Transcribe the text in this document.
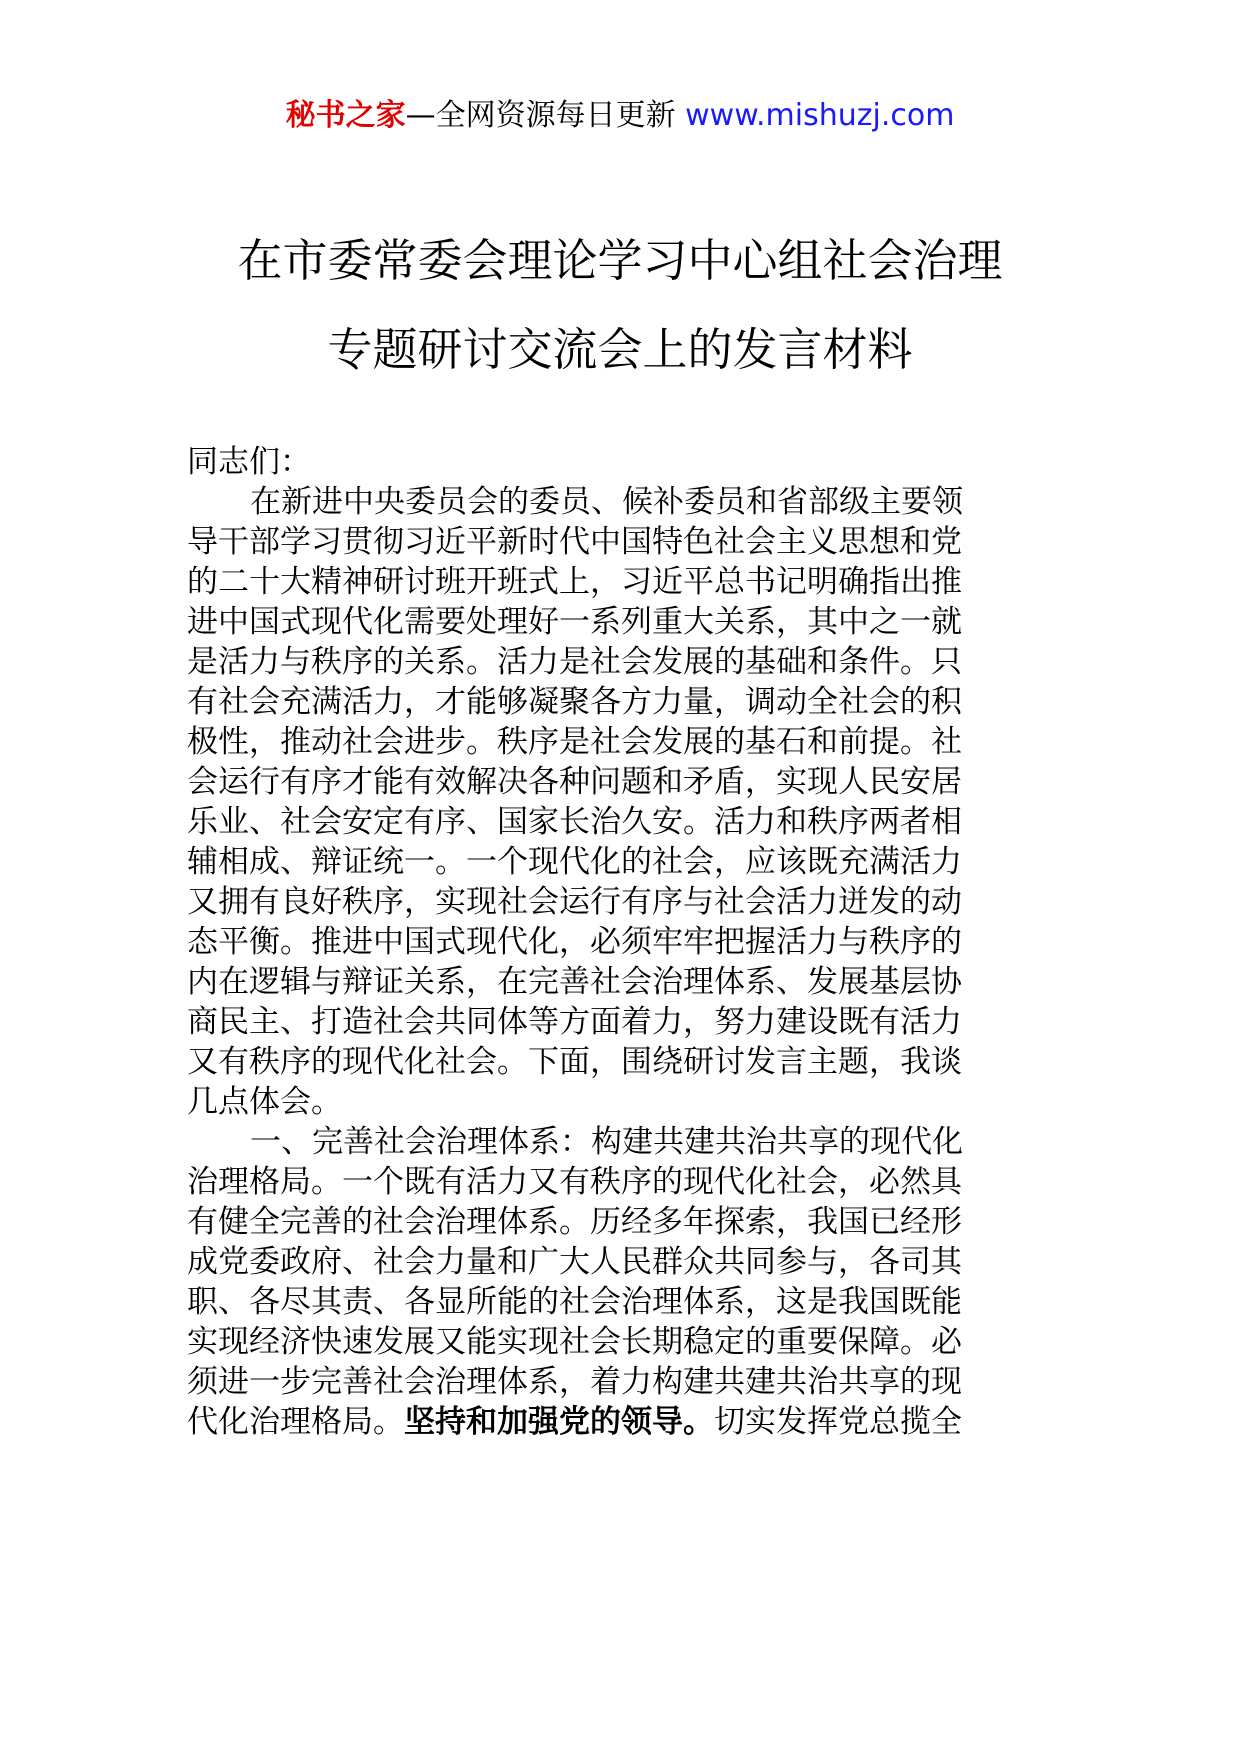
秘书之家—全网资源每日更新 www.mishuzj.com
在市委常委会理论学习中心组社会治理
专题研讨交流会上的发言材料
同志们：
在新进中央委员会的委员、候补委员和省部级主要领
导干部学习贯彻习近平新时代中国特色社会主义思想和党
的二十大精神研讨班开班式上，习近平总书记明确指出推
进中国式现代化需要处理好一系列重大关系，其中之一就
是活力与秩序的关系。活力是社会发展的基础和条件。只
有社会充满活力，才能够凝聚各方力量，调动全社会的积
极性，推动社会进步。秩序是社会发展的基石和前提。社
会运行有序才能有效解决各种问题和矛盾，实现人民安居
乐业、社会安定有序、国家长治久安。活力和秩序两者相
辅相成、辩证统一。一个现代化的社会，应该既充满活力
又拥有良好秩序，实现社会运行有序与社会活力迸发的动
态平衡。推进中国式现代化，必须牢牢把握活力与秩序的
内在逻辑与辩证关系，在完善社会治理体系、发展基层协
商民主、打造社会共同体等方面着力，努力建设既有活力
又有秩序的现代化社会。下面，围绕研讨发言主题，我谈
几点体会。
一、完善社会治理体系：构建共建共治共享的现代化
治理格局。一个既有活力又有秩序的现代化社会，必然具
有健全完善的社会治理体系。历经多年探索，我国已经形
成党委政府、社会力量和广大人民群众共同参与，各司其
职、各尽其责、各显所能的社会治理体系，这是我国既能
实现经济快速发展又能实现社会长期稳定的重要保障。必
须进一步完善社会治理体系，着力构建共建共治共享的现
代化治理格局。坚持和加强党的领导。切实发挥党总揽全
